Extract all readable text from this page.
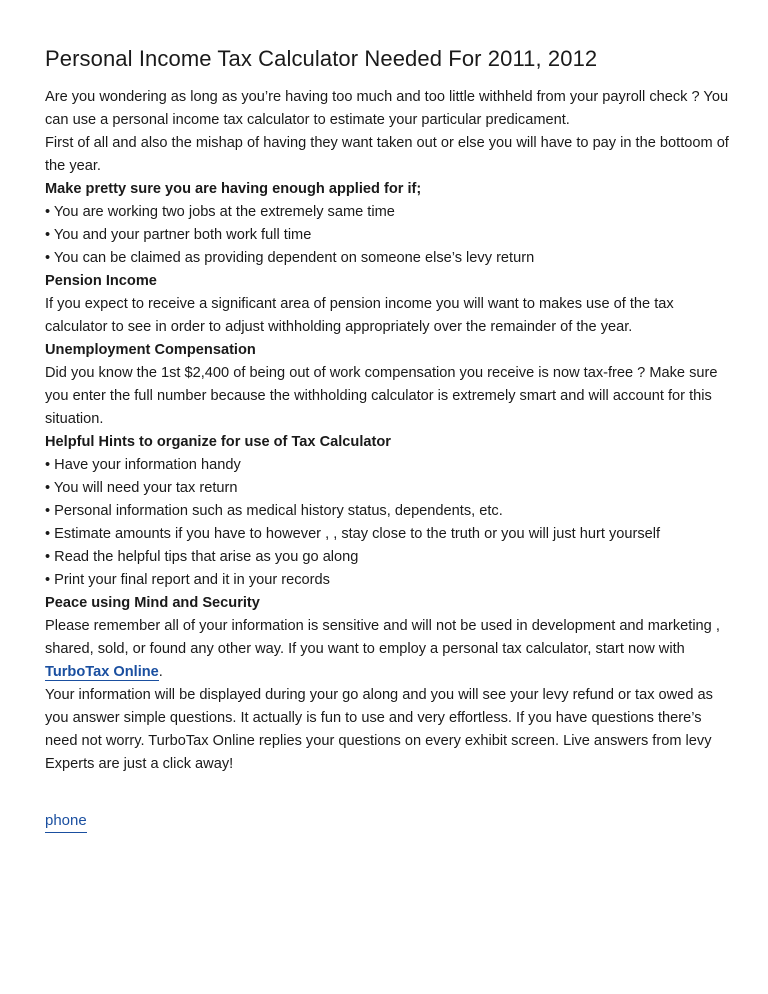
Personal Income Tax Calculator Needed For 2011, 2012

Are you wondering as long as you’re having too much and too little withheld from your payroll check ? You can use a personal income tax calculator to estimate your particular predicament.

First of all and also the mishap of having they want taken out or else you will have to pay in the bottoom of the year.

Make pretty sure you are having enough applied for if;

• You are working two jobs at the extremely same time
• You and your partner both work full time
• You can be claimed as providing dependent on someone else’s levy return

Pension Income

If you expect to receive a significant area of pension income you will want to makes use of the tax calculator to see in order to adjust withholding appropriately over the remainder of the year.

Unemployment Compensation

Did you know the 1st $2,400 of being out of work compensation you receive is now tax-free ? Make sure you enter the full number because the withholding calculator is extremely smart and will account for this situation.

Helpful Hints to organize for use of Tax Calculator

• Have your information handy
• You will need your tax return
• Personal information such as medical history status, dependents, etc.
• Estimate amounts if you have to however , , stay close to the truth or you will just hurt yourself
• Read the helpful tips that arise as you go along
• Print your final report and it in your records

Peace using Mind and Security

Please remember all of your information is sensitive and will not be used in development and marketing , shared, sold, or found any other way. If you want to employ a personal tax calculator, start now with TurboTax Online.

Your information will be displayed during your go along and you will see your levy refund or tax owed as you answer simple questions. It actually is fun to use and very effortless. If you have questions there’s need not worry. TurboTax Online replies your questions on every exhibit screen. Live answers from levy Experts are just a click away!

phone
